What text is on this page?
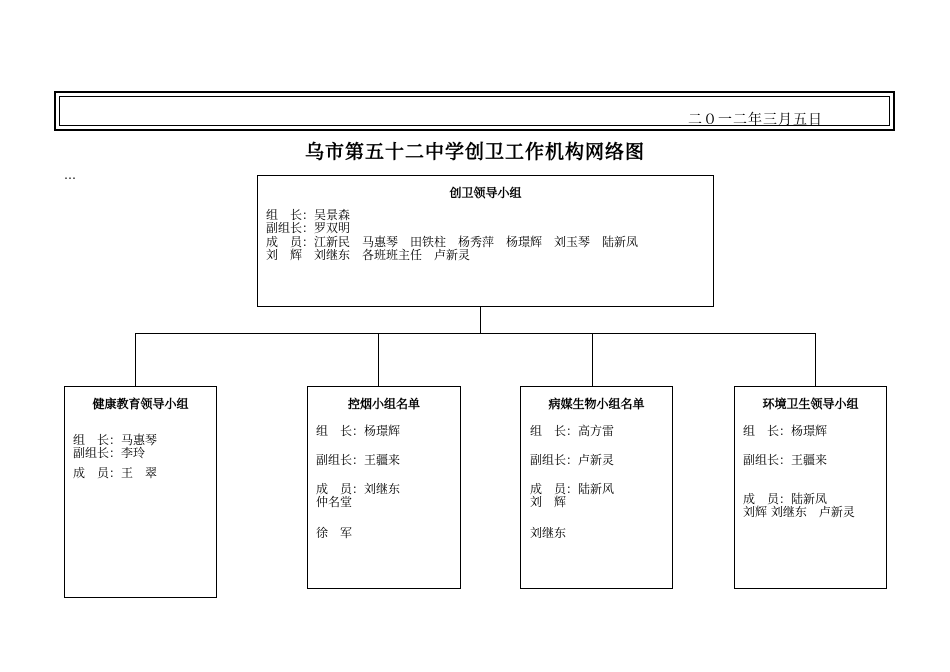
二０一二年三月五日
乌市第五十二中学创卫工作机构网络图
…
创卫领导小组
组　长：吴景森
副组长：罗双明
成　员：江新民　马惠琴　田铁柱　杨秀萍　杨璟辉　刘玉琴　陆新凤
刘　辉　刘继东　各班班主任　卢新灵
健康教育领导小组
组　长：马惠琴
副组长：李玲
成　员：王　翠
控烟小组名单
组　长：杨璟辉
副组长：王疆来
成　员：刘继东
仲名堂
徐　军
病媒生物小组名单
组　长：高方雷
副组长：卢新灵
成　员：陆新风
刘　辉
刘继东
环境卫生领导小组
组　长：杨璟辉
副组长：王疆来
成　员：陆新凤
刘辉 刘继东　卢新灵
